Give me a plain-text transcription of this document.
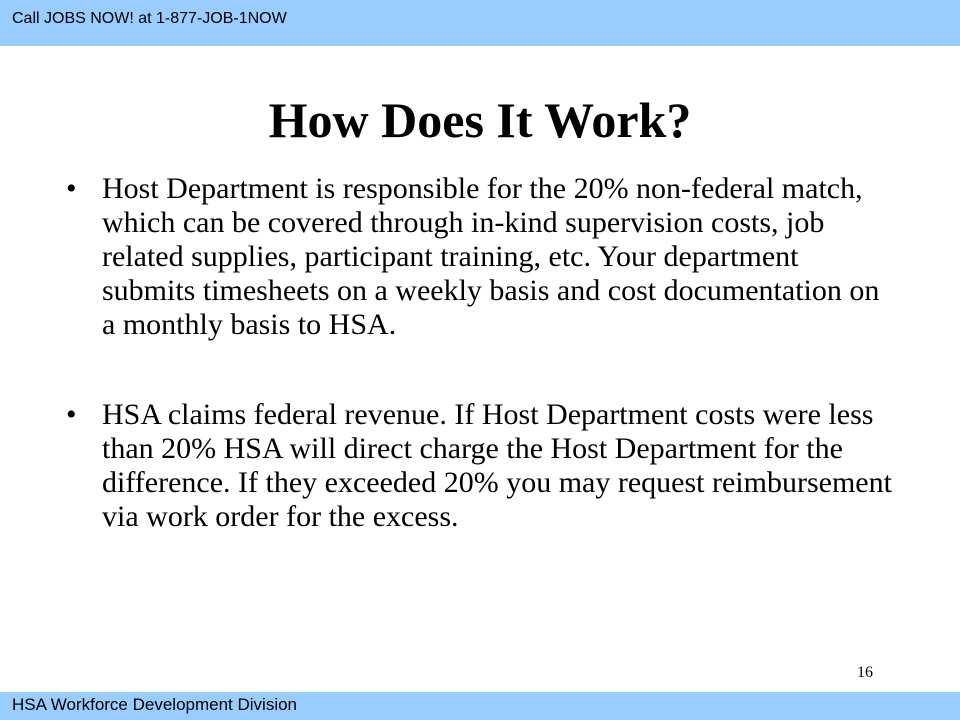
Call JOBS NOW! at 1-877-JOB-1NOW
How Does It Work?
• Host Department is responsible for the 20% non-federal match, which can be covered through in-kind supervision costs, job related supplies, participant training, etc. Your department submits timesheets on a weekly basis and cost documentation on a monthly basis to HSA.
• HSA claims federal revenue. If Host Department costs were less than 20% HSA will direct charge the Host Department for the difference. If they exceeded 20% you may request reimbursement via work order for the excess.
16
HSA Workforce Development Division
